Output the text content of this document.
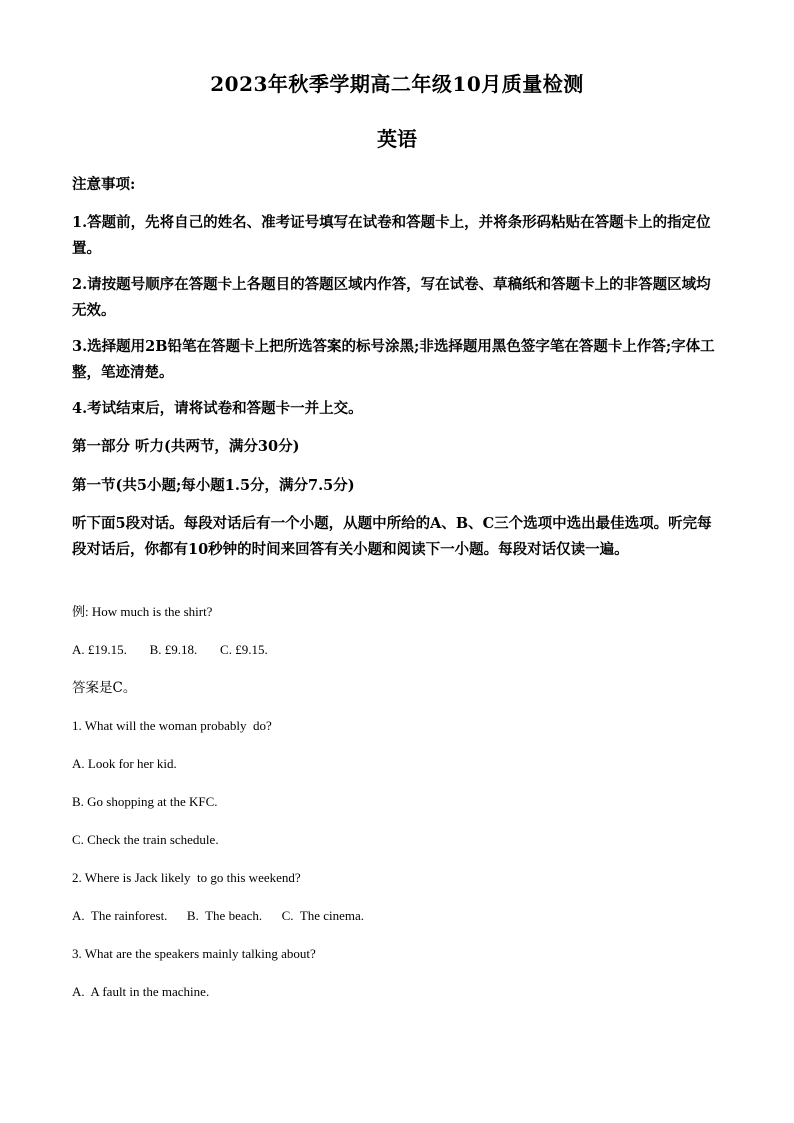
2023年秋季学期高二年级10月质量检测
英语
注意事项:
1.答题前，先将自己的姓名、准考证号填写在试卷和答题卡上，并将条形码粘贴在答题卡上的指定位置。
2.请按题号顺序在答题卡上各题目的答题区域内作答，写在试卷、草稿纸和答题卡上的非答题区域均无效。
3.选择题用2B铅笔在答题卡上把所选答案的标号涂黑;非选择题用黑色签字笔在答题卡上作答;字体工整，笔迹清楚。
4.考试结束后，请将试卷和答题卡一并上交。
第一部分 听力(共两节，满分30分)
第一节(共5小题;每小题1.5分，满分7.5分)
听下面5段对话。每段对话后有一个小题，从题中所给的A、B、C三个选项中选出最佳选项。听完每段对话后，你都有10秒钟的时间来回答有关小题和阅读下一小题。每段对话仅读一遍。
例: How much is the shirt?
A. £19.15.       B. £9.18.       C. £9.15.
答案是C。
1. What will the woman probably  do?
A. Look for her kid.
B. Go shopping at the KFC.
C. Check the train schedule.
2. Where is Jack likely  to go this weekend?
A.  The rainforest.      B.  The beach.      C.  The cinema.
3. What are the speakers mainly talking about?
A.  A fault in the machine.
